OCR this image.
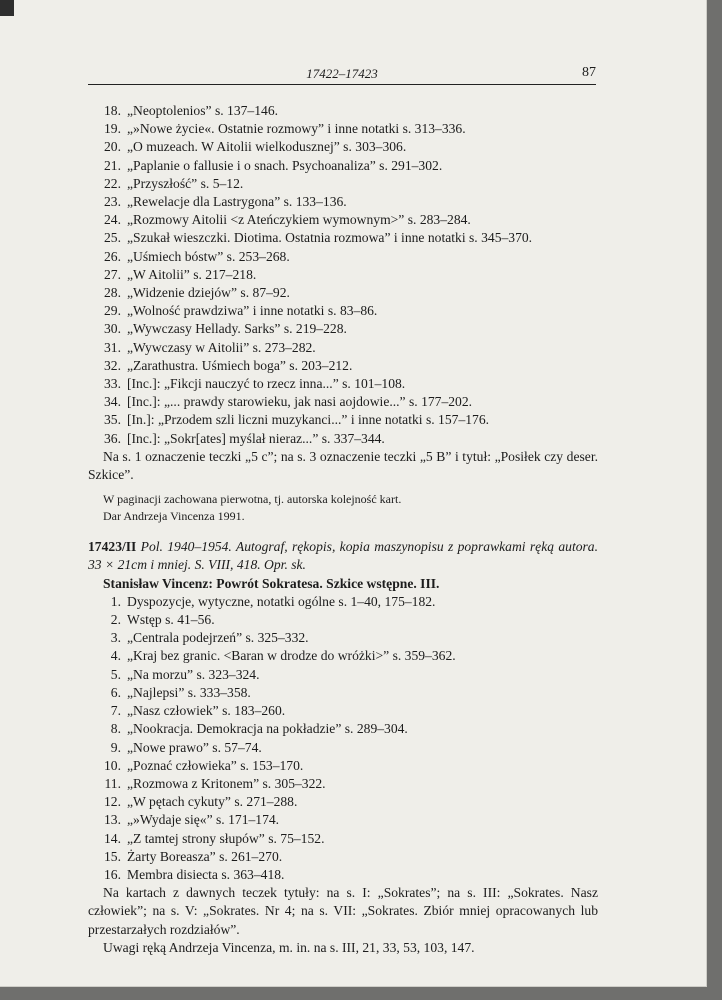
17422–17423	87
18. „Neoptolenios” s. 137–146.
19. „»Nowe życie«. Ostatnie rozmowy” i inne notatki s. 313–336.
20. „O muzeach. W Aitolii wielkodusznej” s. 303–306.
21. „Paplanie o fallusie i o snach. Psychoanaliza” s. 291–302.
22. „Przyszłość” s. 5–12.
23. „Rewelacje dla Lastrygona” s. 133–136.
24. „Rozmowy Aitolii <z Ateńczykiem wymownym>” s. 283–284.
25. „Szukał wieszczki. Diotima. Ostatnia rozmowa” i inne notatki s. 345–370.
26. „Uśmiech bóstw” s. 253–268.
27. „W Aitolii” s. 217–218.
28. „Widzenie dziejów” s. 87–92.
29. „Wolność prawdziwa” i inne notatki s. 83–86.
30. „Wywczasy Hellady. Sarks” s. 219–228.
31. „Wywczasy w Aitolii” s. 273–282.
32. „Zarathustra. Uśmiech boga” s. 203–212.
33. [Inc.]: „Fikcji nauczyć to rzecz inna...” s. 101–108.
34. [Inc.]: „... prawdy starowieku, jak nasi aojdowie...” s. 177–202.
35. [In.]: „Przodem szli liczni muzykanci...” i inne notatki s. 157–176.
36. [Inc.]: „Sokr[ates] myślał nieraz...” s. 337–344.

Na s. 1 oznaczenie teczki „5 c”; na s. 3 oznaczenie teczki „5 B” i tytuł: „Posiłek czy deser. Szkice”.

W paginacji zachowana pierwotna, tj. autorska kolejność kart.
Dar Andrzeja Vincenza 1991.

17423/II Pol. 1940–1954. Autograf, rękopis, kopia maszynopisu z poprawkami ręką autora. 33 × 21cm i mniej. S. VIII, 418. Opr. sk.

Stanisław Vincenz: Powrót Sokratesa. Szkice wstępne. III.

1. Dyspozycje, wytyczne, notatki ogólne s. 1–40, 175–182.
2. Wstęp s. 41–56.
3. „Centrala podejrzeń” s. 325–332.
4. „Kraj bez granic. <Baran w drodze do wróżki>” s. 359–362.
5. „Na morzu” s. 323–324.
6. „Najlepsi” s. 333–358.
7. „Nasz człowiek” s. 183–260.
8. „Nookracja. Demokracja na pokładzie” s. 289–304.
9. „Nowe prawo” s. 57–74.
10. „Poznać człowieka” s. 153–170.
11. „Rozmowa z Kritonem” s. 305–322.
12. „W pętach cykuty” s. 271–288.
13. „»Wydaje się«” s. 171–174.
14. „Z tamtej strony słupów” s. 75–152.
15. Żarty Boreasza” s. 261–270.
16. Membra disiecta s. 363–418.

Na kartach z dawnych teczek tytuły: na s. I: „Sokrates”; na s. III: „Sokrates. Nasz człowiek”; na s. V: „Sokrates. Nr 4; na s. VII: „Sokrates. Zbiór mniej opracowanych lub przestarzałych rozdziałów”.

Uwagi ręką Andrzeja Vincenza, m. in. na s. III, 21, 33, 53, 103, 147.
